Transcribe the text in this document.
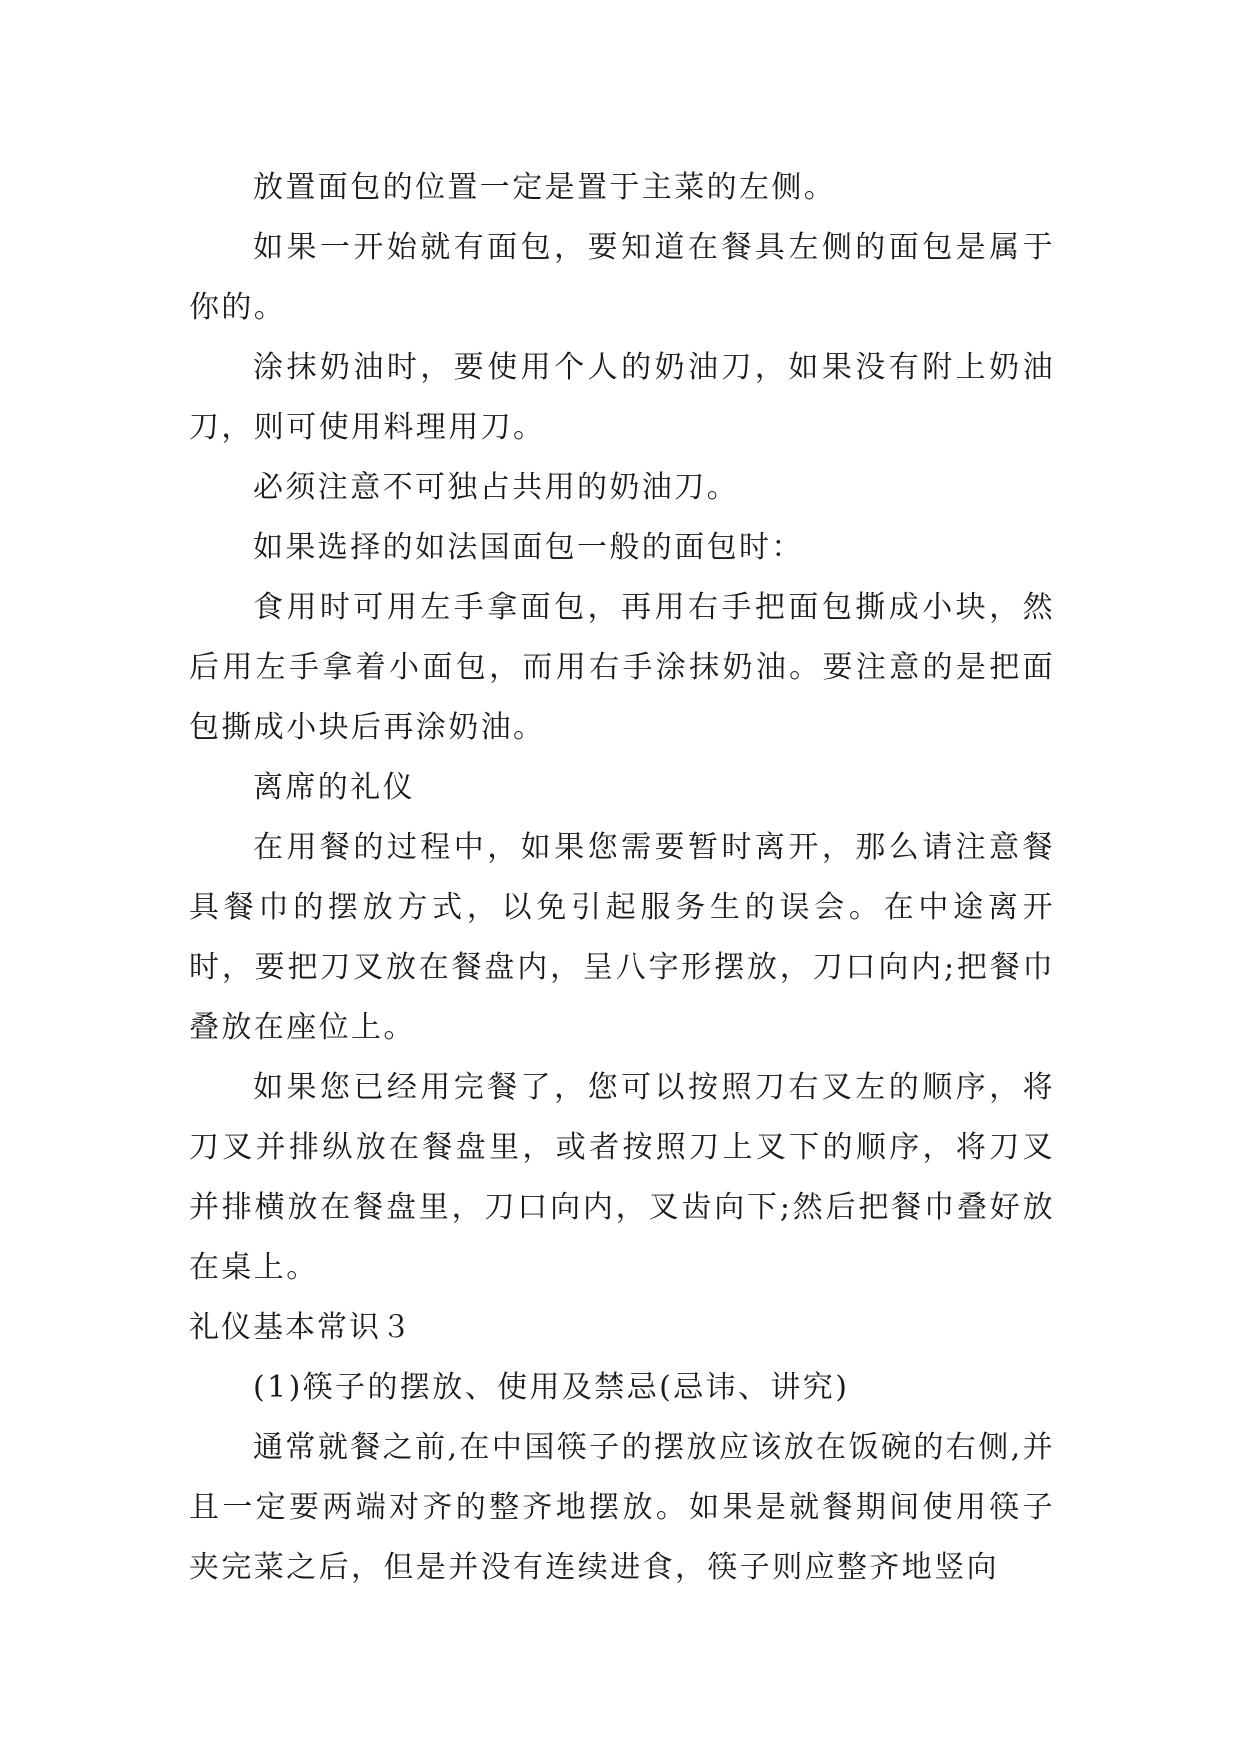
放置面包的位置一定是置于主菜的左侧。

如果一开始就有面包，要知道在餐具左侧的面包是属于你的。

涂抹奶油时，要使用个人的奶油刀，如果没有附上奶油刀，则可使用料理用刀。

必须注意不可独占共用的奶油刀。

如果选择的如法国面包一般的面包时：

食用时可用左手拿面包，再用右手把面包撕成小块，然后用左手拿着小面包，而用右手涂抹奶油。要注意的是把面包撕成小块后再涂奶油。

离席的礼仪

在用餐的过程中，如果您需要暂时离开，那么请注意餐具餐巾的摆放方式，以免引起服务生的误会。在中途离开时，要把刀叉放在餐盘内，呈八字形摆放，刀口向内;把餐巾叠放在座位上。

如果您已经用完餐了，您可以按照刀右叉左的顺序，将刀叉并排纵放在餐盘里，或者按照刀上叉下的顺序，将刀叉并排横放在餐盘里，刀口向内，叉齿向下;然后把餐巾叠好放在桌上。

礼仪基本常识３

(1)筷子的摆放、使用及禁忌(忌讳、讲究)

通常就餐之前,在中国筷子的摆放应该放在饭碗的右侧,并且一定要两端对齐的整齐地摆放。如果是就餐期间使用筷子夹完菜之后，但是并没有连续进食，筷子则应整齐地竖向
